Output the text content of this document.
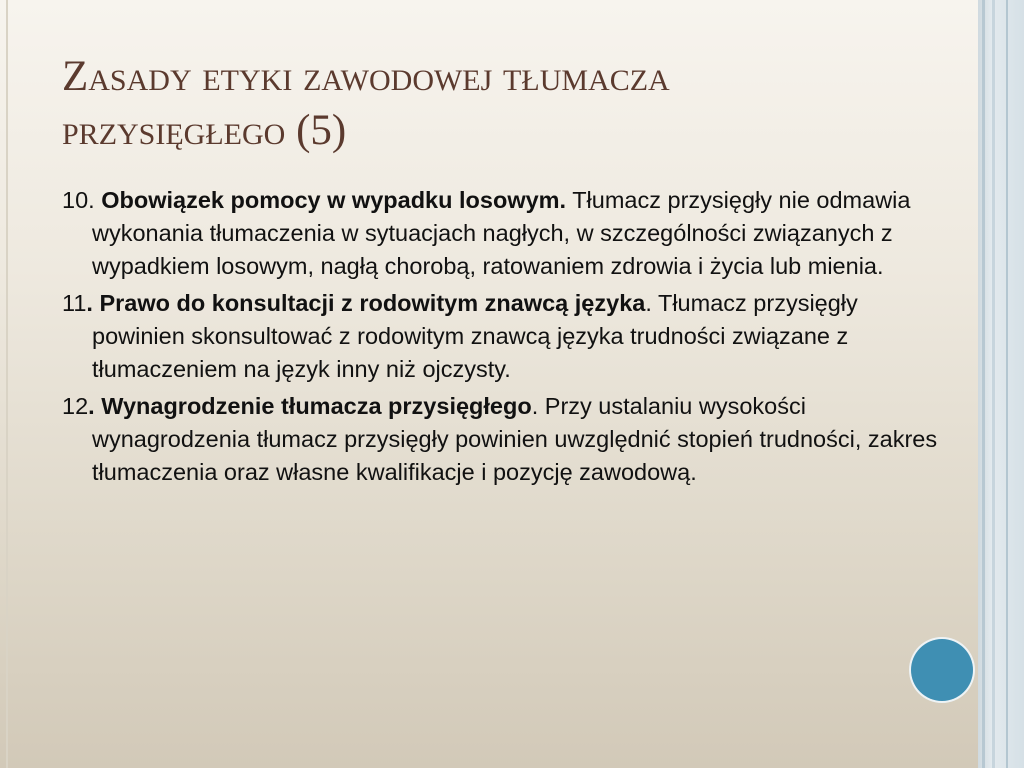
Zasady etyki zawodowej tłumacza
przysięgłego (5)
10. Obowiązek pomocy w wypadku losowym. Tłumacz przysięgły nie odmawia wykonania tłumaczenia w sytuacjach nagłych, w szczególności związanych z wypadkiem losowym, nagłą chorobą, ratowaniem zdrowia i życia lub mienia.
11. Prawo do konsultacji z rodowitym znawcą języka. Tłumacz przysięgły powinien skonsultować z rodowitym znawcą języka trudności związane z tłumaczeniem na język inny niż ojczysty.
12. Wynagrodzenie tłumacza przysięgłego. Przy ustalaniu wysokości wynagrodzenia tłumacz przysięgły powinien uwzględnić stopień trudności, zakres tłumaczenia oraz własne kwalifikacje i pozycję zawodową.
